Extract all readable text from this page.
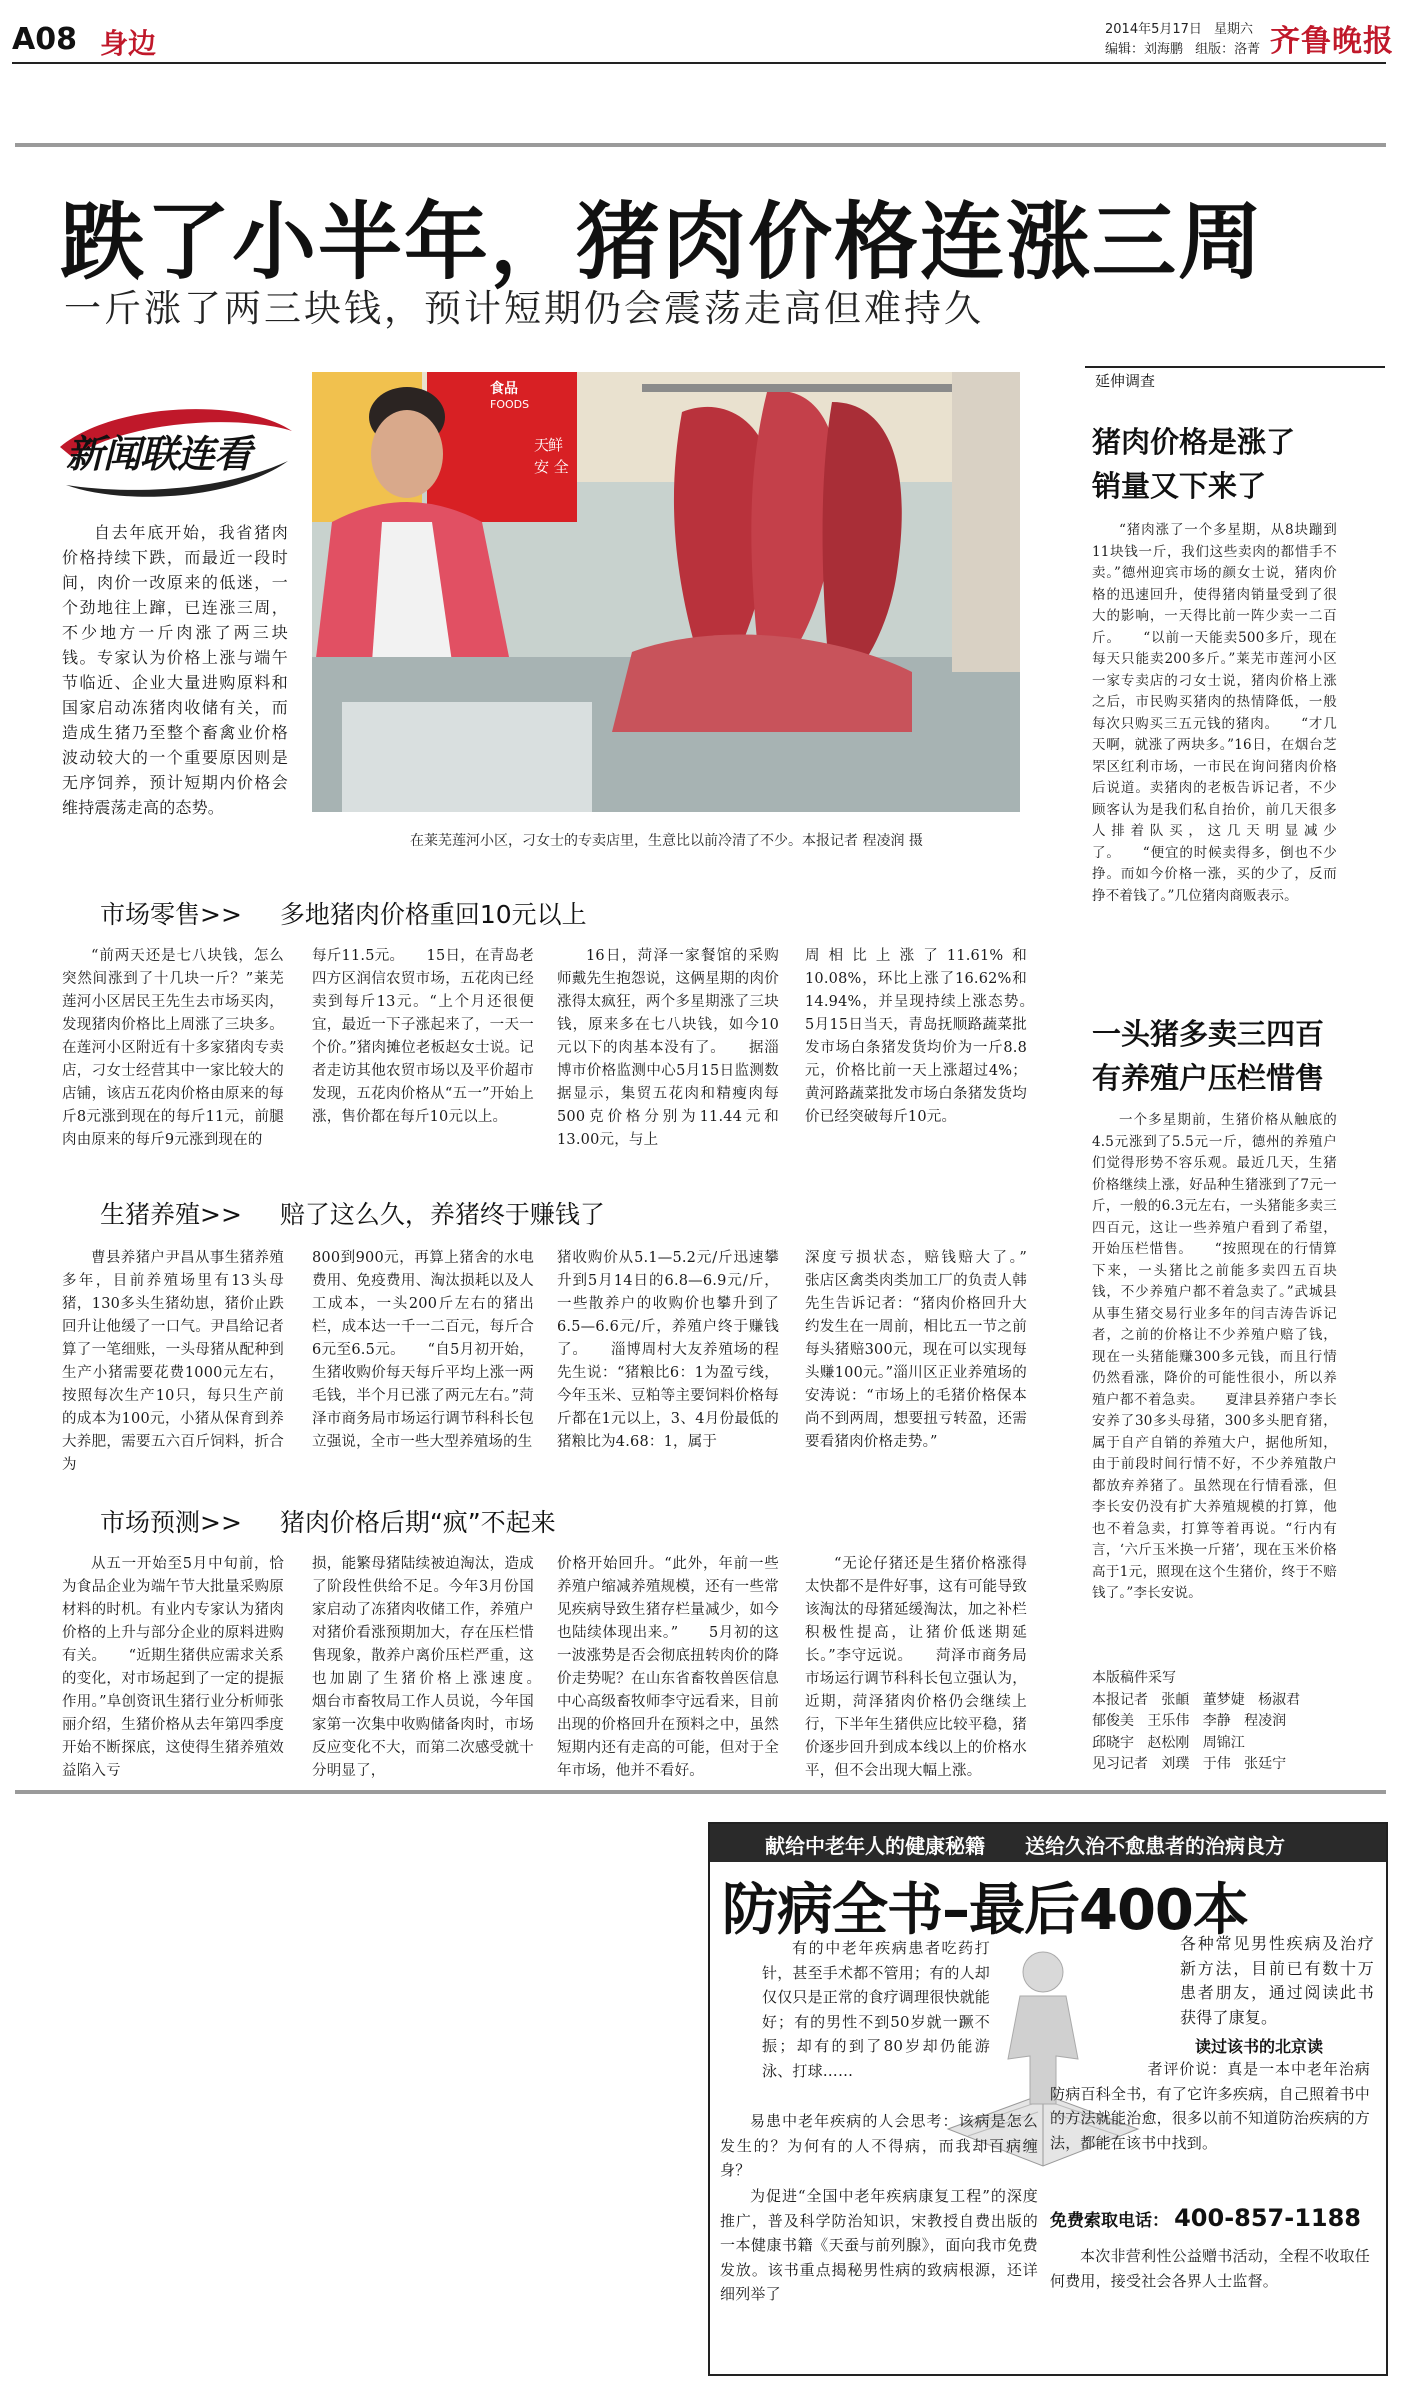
A08 身边	2014年5月17日 星期六
编辑：刘海鹏 组版：洛菁 齐鲁晚报
跌了小半年，猪肉价格连涨三周
一斤涨了两三块钱，预计短期仍会震荡走高但难持久
新闻联连看
自去年底开始，我省猪肉价格持续下跌，而最近一段时间，肉价一改原来的低迷，一个劲地往上蹿，已连涨三周，不少地方一斤肉涨了两三块钱。专家认为价格上涨与端午节临近、企业大量进购原料和国家启动冻猪肉收储有关，而造成生猪乃至整个畜禽业价格波动较大的一个重要原因则是无序饲养，预计短期内价格会维持震荡走高的态势。
食品
FOODS
天
鲜
安 全
在莱芜莲河小区，刁女士的专卖店里，生意比以前冷清了不少。本报记者 程凌润 摄
市场零售>> 多地猪肉价格重回10元以上
“前两天还是七八块钱，怎么突然间涨到了十几块一斤？”莱芜莲河小区居民王先生去市场买肉，发现猪肉价格比上周涨了三块多。在莲河小区附近有十多家猪肉专卖店，刁女士经营其中一家比较大的店铺，该店五花肉价格由原来的每斤8元涨到现在的每斤11元，前腿肉由原来的每斤9元涨到现在的
每斤11.5元。　　15日，在青岛老四方区润信农贸市场，五花肉已经卖到每斤13元。“上个月还很便宜，最近一下子涨起来了，一天一个价。”猪肉摊位老板赵女士说。记者走访其他农贸市场以及平价超市发现，五花肉价格从“五一”开始上涨，售价都在每斤10元以上。
16日，菏泽一家餐馆的采购师戴先生抱怨说，这俩星期的肉价涨得太疯狂，两个多星期涨了三块钱，原来多在七八块钱，如今10元以下的肉基本没有了。　　据淄博市价格监测中心5月15日监测数据显示，集贸五花肉和精瘦肉每500克价格分别为11.44元和13.00元，与上
周相比上涨了11.61%和10.08%，环比上涨了16.62%和14.94%，并呈现持续上涨态势。　　5月15日当天，青岛抚顺路蔬菜批发市场白条猪发货均价为一斤8.8元，价格比前一天上涨超过4%；黄河路蔬菜批发市场白条猪发货均价已经突破每斤10元。
生猪养殖>> 赔了这么久，养猪终于赚钱了
曹县养猪户尹昌从事生猪养殖多年，目前养殖场里有13头母猪，130多头生猪幼崽，猪价止跌回升让他缓了一口气。尹昌给记者算了一笔细账，一头母猪从配种到生产小猪需要花费1000元左右，按照每次生产10只，每只生产前的成本为100元，小猪从保育到养大养肥，需要五六百斤饲料，折合为
800到900元，再算上猪舍的水电费用、免疫费用、淘汰损耗以及人工成本，一头200斤左右的猪出栏，成本达一千一二百元，每斤合6元至6.5元。　　“自5月初开始，生猪收购价每天每斤平均上涨一两毛钱，半个月已涨了两元左右。”菏泽市商务局市场运行调节科科长包立强说，全市一些大型养殖场的生
猪收购价从5.1—5.2元/斤迅速攀升到5月14日的6.8—6.9元/斤，一些散养户的收购价也攀升到了6.5—6.6元/斤，养殖户终于赚钱了。　　淄博周村大友养殖场的程先生说：“猪粮比6：1为盈亏线，今年玉米、豆粕等主要饲料价格每斤都在1元以上，3、4月份最低的猪粮比为4.68：1，属于
深度亏损状态，赔钱赔大了。”　　张店区禽类肉类加工厂的负责人韩先生告诉记者：“猪肉价格回升大约发生在一周前，相比五一节之前每头猪赔300元，现在可以实现每头赚100元。”淄川区正业养殖场的安涛说：“市场上的毛猪价格保本尚不到两周，想要扭亏转盈，还需要看猪肉价格走势。”
市场预测>> 猪肉价格后期“疯”不起来
从五一开始至5月中旬前，恰为食品企业为端午节大批量采购原材料的时机。有业内专家认为猪肉价格的上升与部分企业的原料进购有关。　　“近期生猪供应需求关系的变化，对市场起到了一定的提振作用。”阜创资讯生猪行业分析师张丽介绍，生猪价格从去年第四季度开始不断探底，这使得生猪养殖效益陷入亏
损，能繁母猪陆续被迫淘汰，造成了阶段性供给不足。今年3月份国家启动了冻猪肉收储工作，养殖户对猪价看涨预期加大，存在压栏惜售现象，散养户离价压栏严重，这也加剧了生猪价格上涨速度。　　烟台市畜牧局工作人员说，今年国家第一次集中收购储备肉时，市场反应变化不大，而第二次感受就十分明显了，
价格开始回升。“此外，年前一些养殖户缩减养殖规模，还有一些常见疾病导致生猪存栏量减少，如今也陆续体现出来。”　　5月初的这一波涨势是否会彻底扭转肉价的降价走势呢？在山东省畜牧兽医信息中心高级畜牧师李守远看来，目前出现的价格回升在预料之中，虽然短期内还有走高的可能，但对于全年市场，他并不看好。
“无论仔猪还是生猪价格涨得太快都不是件好事，这有可能导致该淘汰的母猪延缓淘汰，加之补栏积极性提高，让猪价低迷期延长。”李守远说。　　菏泽市商务局市场运行调节科科长包立强认为，近期，菏泽猪肉价格仍会继续上行，下半年生猪供应比较平稳，猪价逐步回升到成本线以上的价格水平，但不会出现大幅上涨。
延伸调查
猪肉价格是涨了
销量又下来了
“猪肉涨了一个多星期，从8块蹦到11块钱一斤，我们这些卖肉的都惜手不卖。”德州迎宾市场的颜女士说，猪肉价格的迅速回升，使得猪肉销量受到了很大的影响，一天得比前一阵少卖一二百斤。　　“以前一天能卖500多斤，现在每天只能卖200多斤。”莱芜市莲河小区一家专卖店的刁女士说，猪肉价格上涨之后，市民购买猪肉的热情降低，一般每次只购买三五元钱的猪肉。　　“才几天啊，就涨了两块多。”16日，在烟台芝罘区红利市场，一市民在询问猪肉价格后说道。卖猪肉的老板告诉记者，不少顾客认为是我们私自抬价，前几天很多人排着队买，这几天明显减少了。　　“便宜的时候卖得多，倒也不少挣。而如今价格一涨，买的少了，反而挣不着钱了。”几位猪肉商贩表示。
一头猪多卖三四百
有养殖户压栏惜售
一个多星期前，生猪价格从触底的4.5元涨到了5.5元一斤，德州的养殖户们觉得形势不容乐观。最近几天，生猪价格继续上涨，好品种生猪涨到了7元一斤，一般的6.3元左右，一头猪能多卖三四百元，这让一些养殖户看到了希望，开始压栏惜售。　　“按照现在的行情算下来，一头猪比之前能多卖四五百块钱，不少养殖户都不着急卖了。”武城县从事生猪交易行业多年的闫吉涛告诉记者，之前的价格让不少养殖户赔了钱，现在一头猪能赚300多元钱，而且行情仍然看涨，降价的可能性很小，所以养殖户都不着急卖。　　夏津县养猪户李长安养了30多头母猪，300多头肥育猪，属于自产自销的养殖大户，据他所知，由于前段时间行情不好，不少养殖散户都放弃养猪了。虽然现在行情看涨，但李长安仍没有扩大养殖规模的打算，他也不着急卖，打算等着再说。“行内有言，‘六斤玉米换一斤猪’，现在玉米价格高于1元，照现在这个生猪价，终于不赔钱了。”李长安说。
本版稿件采写
本报记者 张頔 董梦婕 杨淑君
郁俊美 王乐伟 李静 程凌润
邱晓宇 赵松刚 周锦江
见习记者 刘璞 于伟 张廷宁
献给中老年人的健康秘籍　　送给久治不愈患者的治病良方
防病全书–最后400本
有的中老年疾病患者吃药打针，甚至手术都不管用；有的人却仅仅只是正常的食疗调理很快就能好；有的男性不到50岁就一蹶不振；却有的到了80岁却仍能游泳、打球……
各种常见男性疾病及治疗新方法，目前已有数十万患者朋友，通过阅读此书获得了康复。
读过该书的北京读
者评价说：真是一本中老年治病防病百科全书，有了它许多疾病，自己照着书中的方法就能治愈，很多以前不知道防治疾病的方法，都能在该书中找到。
易患中老年疾病的人会思考：该病是怎么发生的？为何有的人不得病，而我却百病缠身？
为促进“全国中老年疾病康复工程”的深度推广，普及科学防治知识，宋教授自费出版的一本健康书籍《天蚕与前列腺》，面向我市免费发放。该书重点揭秘男性病的致病根源，还详细列举了
免费索取电话： 400-857-1188
本次非营利性公益赠书活动，全程不收取任何费用，接受社会各界人士监督。
